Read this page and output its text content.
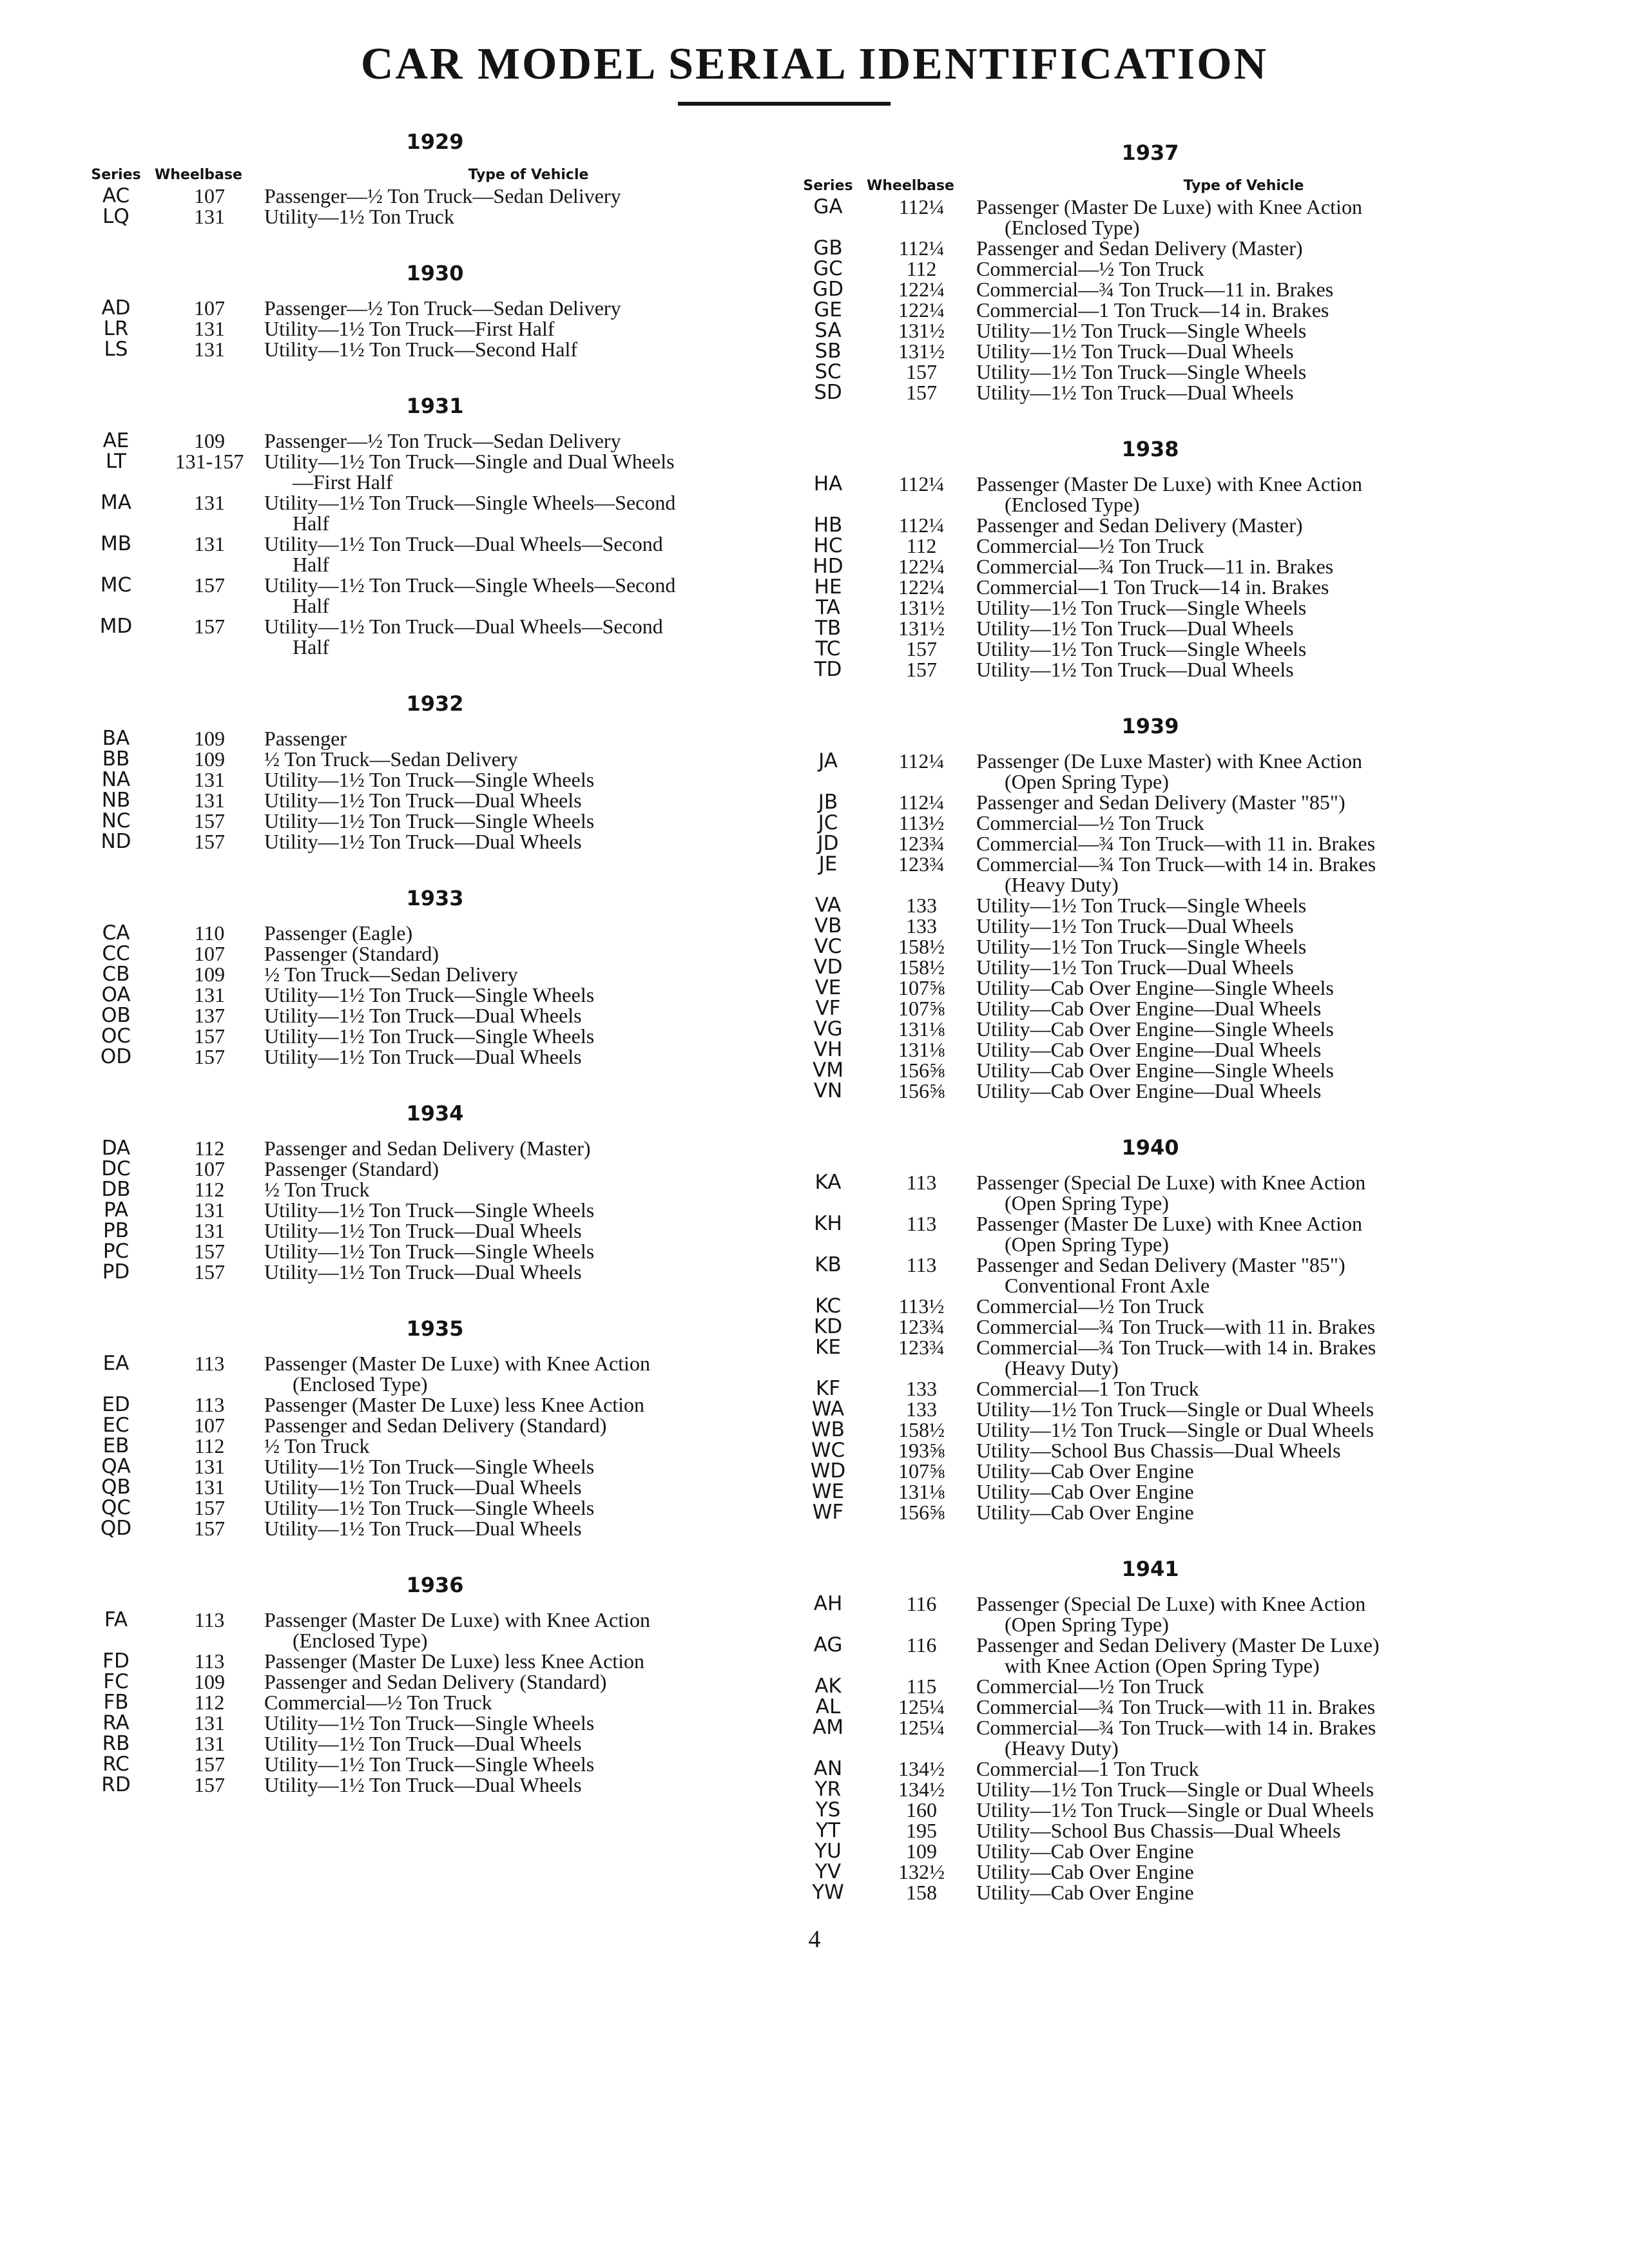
CAR MODEL SERIAL IDENTIFICATION
1929
Series Wheelbase	Type of Vehicle
AC	107	Passenger—½ Ton Truck—Sedan Delivery
LQ	131	Utility—1½ Ton Truck
1930
AD	107	Passenger—½ Ton Truck—Sedan Delivery
LR	131	Utility—1½ Ton Truck—First Half
LS	131	Utility—1½ Ton Truck—Second Half
1931
AE	109	Passenger—½ Ton Truck—Sedan Delivery
LT	131-157 Utility—1½ Ton Truck—Single and Dual Wheels
—First Half
MA	131	Utility—1½ Ton Truck—Single Wheels—Second
Half
MB	131	Utility—1½ Ton Truck—Dual Wheels—Second
Half
MC	157	Utility—1½ Ton Truck—Single Wheels—Second
Half
MD	157	Utility—1½ Ton Truck—Dual Wheels—Second
Half
1932
BA	109	Passenger
BB	109	½ Ton Truck—Sedan Delivery
NA	131	Utility—1½ Ton Truck—Single Wheels
NB	131	Utility—1½ Ton Truck—Dual Wheels
NC	157	Utility—1½ Ton Truck—Single Wheels
ND	157	Utility—1½ Ton Truck—Dual Wheels
1933
CA	110	Passenger (Eagle)
CC	107	Passenger (Standard)
CB	109	½ Ton Truck—Sedan Delivery
OA	131	Utility—1½ Ton Truck—Single Wheels
OB	137	Utility—1½ Ton Truck—Dual Wheels
OC	157	Utility—1½ Ton Truck—Single Wheels
OD	157	Utility—1½ Ton Truck—Dual Wheels
1934
DA	112	Passenger and Sedan Delivery (Master)
DC	107	Passenger (Standard)
DB	112	½ Ton Truck
PA	131	Utility—1½ Ton Truck—Single Wheels
PB	131	Utility—1½ Ton Truck—Dual Wheels
PC	157	Utility—1½ Ton Truck—Single Wheels
PD	157	Utility—1½ Ton Truck—Dual Wheels
1935
EA	113	Passenger (Master De Luxe) with Knee Action
(Enclosed Type)
ED	113	Passenger (Master De Luxe) less Knee Action
EC	107	Passenger and Sedan Delivery (Standard)
EB	112	½ Ton Truck
QA	131	Utility—1½ Ton Truck—Single Wheels
QB	131	Utility—1½ Ton Truck—Dual Wheels
QC	157	Utility—1½ Ton Truck—Single Wheels
QD	157	Utility—1½ Ton Truck—Dual Wheels
1936
FA	113	Passenger (Master De Luxe) with Knee Action
(Enclosed Type)
FD	113	Passenger (Master De Luxe) less Knee Action
FC	109	Passenger and Sedan Delivery (Standard)
FB	112	Commercial—½ Ton Truck
RA	131	Utility—1½ Ton Truck—Single Wheels
RB	131	Utility—1½ Ton Truck—Dual Wheels
RC	157	Utility—1½ Ton Truck—Single Wheels
RD	157	Utility—1½ Ton Truck—Dual Wheels
1937
Series Wheelbase	Type of Vehicle
GA	112¼	Passenger (Master De Luxe) with Knee Action
(Enclosed Type)
GB	112¼	Passenger and Sedan Delivery (Master)
GC	112	Commercial—½ Ton Truck
GD	122¼	Commercial—¾ Ton Truck—11 in. Brakes
GE	122¼	Commercial—1 Ton Truck—14 in. Brakes
SA	131½	Utility—1½ Ton Truck—Single Wheels
SB	131½	Utility—1½ Ton Truck—Dual Wheels
SC	157	Utility—1½ Ton Truck—Single Wheels
SD	157	Utility—1½ Ton Truck—Dual Wheels
1938
HA	112¼	Passenger (Master De Luxe) with Knee Action
(Enclosed Type)
HB	112¼	Passenger and Sedan Delivery (Master)
HC	112	Commercial—½ Ton Truck
HD	122¼	Commercial—¾ Ton Truck—11 in. Brakes
HE	122¼	Commercial—1 Ton Truck—14 in. Brakes
TA	131½	Utility—1½ Ton Truck—Single Wheels
TB	131½	Utility—1½ Ton Truck—Dual Wheels
TC	157	Utility—1½ Ton Truck—Single Wheels
TD	157	Utility—1½ Ton Truck—Dual Wheels
1939
JA	112¼	Passenger (De Luxe Master) with Knee Action
(Open Spring Type)
JB	112¼	Passenger and Sedan Delivery (Master "85")
JC	113½	Commercial—½ Ton Truck
JD	123¾	Commercial—¾ Ton Truck—with 11 in. Brakes
JE	123¾	Commercial—¾ Ton Truck—with 14 in. Brakes
(Heavy Duty)
VA	133	Utility—1½ Ton Truck—Single Wheels
VB	133	Utility—1½ Ton Truck—Dual Wheels
VC	158½	Utility—1½ Ton Truck—Single Wheels
VD	158½	Utility—1½ Ton Truck—Dual Wheels
VE	107⅝	Utility—Cab Over Engine—Single Wheels
VF	107⅝	Utility—Cab Over Engine—Dual Wheels
VG	131⅛	Utility—Cab Over Engine—Single Wheels
VH	131⅛	Utility—Cab Over Engine—Dual Wheels
VM	156⅝	Utility—Cab Over Engine—Single Wheels
VN	156⅝	Utility—Cab Over Engine—Dual Wheels
1940
KA	113	Passenger (Special De Luxe) with Knee Action
(Open Spring Type)
KH	113	Passenger (Master De Luxe) with Knee Action
(Open Spring Type)
KB	113	Passenger and Sedan Delivery (Master "85")
Conventional Front Axle
KC	113½	Commercial—½ Ton Truck
KD	123¾	Commercial—¾ Ton Truck—with 11 in. Brakes
KE	123¾	Commercial—¾ Ton Truck—with 14 in. Brakes
(Heavy Duty)
KF	133	Commercial—1 Ton Truck
WA	133	Utility—1½ Ton Truck—Single or Dual Wheels
WB	158½	Utility—1½ Ton Truck—Single or Dual Wheels
WC	193⅝	Utility—School Bus Chassis—Dual Wheels
WD	107⅝	Utility—Cab Over Engine
WE	131⅛	Utility—Cab Over Engine
WF	156⅝	Utility—Cab Over Engine
1941
AH	116	Passenger (Special De Luxe) with Knee Action
(Open Spring Type)
AG	116	Passenger and Sedan Delivery (Master De Luxe)
with Knee Action (Open Spring Type)
AK	115	Commercial—½ Ton Truck
AL	125¼	Commercial—¾ Ton Truck—with 11 in. Brakes
AM	125¼	Commercial—¾ Ton Truck—with 14 in. Brakes
(Heavy Duty)
AN	134½	Commercial—1 Ton Truck
YR	134½	Utility—1½ Ton Truck—Single or Dual Wheels
YS	160	Utility—1½ Ton Truck—Single or Dual Wheels
YT	195	Utility—School Bus Chassis—Dual Wheels
YU	109	Utility—Cab Over Engine
YV	132½	Utility—Cab Over Engine
YW	158	Utility—Cab Over Engine
4
